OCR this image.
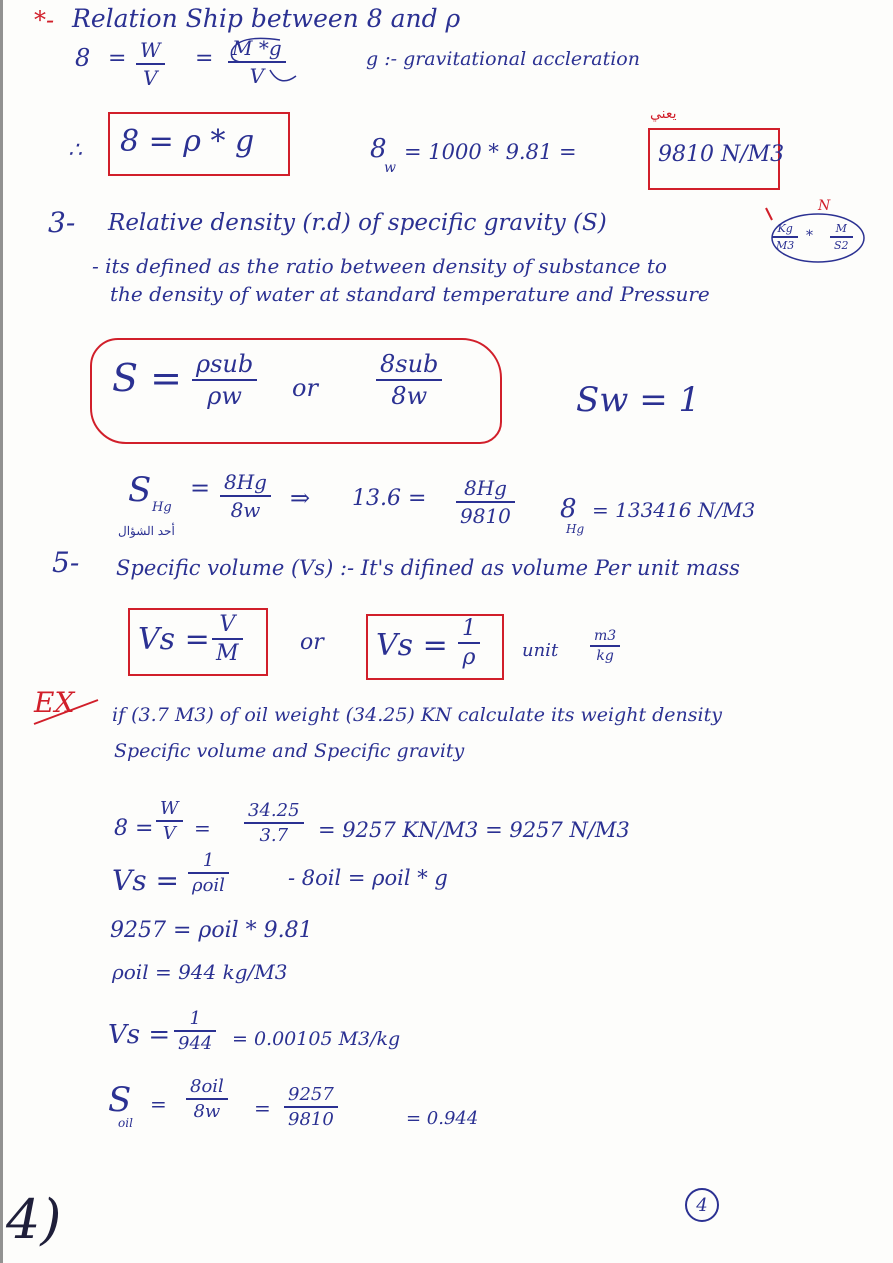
*- Relation Ship between 8 and ρ
8 = W
V
= M *g
V
g :- gravitational accleration
∴ 8 = ρ * g	8
w
= 1000 * 9.81 =	9810 N/M3
يعني
N
Kg
M3
*	M
S2
3- Relative density (r.d) of specific gravity (S)
- its defined as the ratio between density of substance to
the density of water at standard temperature and Pressure
S = ρsub
ρw or
8sub
8w	Sw = 1
S Hg
= 8Hg
8w ⇒ 13.6 = 8Hg
9810 8
Hg
= 133416 N/M3
أحد الشؤال
5- Specific volume (Vs) :- It's difined as volume Per unit mass
Vs = V
M	or Vs = 1
ρ	unit
m3
kg
EX if (3.7 M3) of oil weight (34.25) KN calculate its weight density
Specific volume and Specific gravity
8 =
W
V =
34.25
3.7 = 9257 KN/M3 = 9257 N/M3
Vs =
1
ρoil	- 8oil = ρoil * g
9257 = ρoil * 9.81
ρoil = 944 kg/M3
Vs =
1
944 = 0.00105 M3/kg
S
oil
=
8oil
8w =
9257
9810	= 0.944
4)	4
